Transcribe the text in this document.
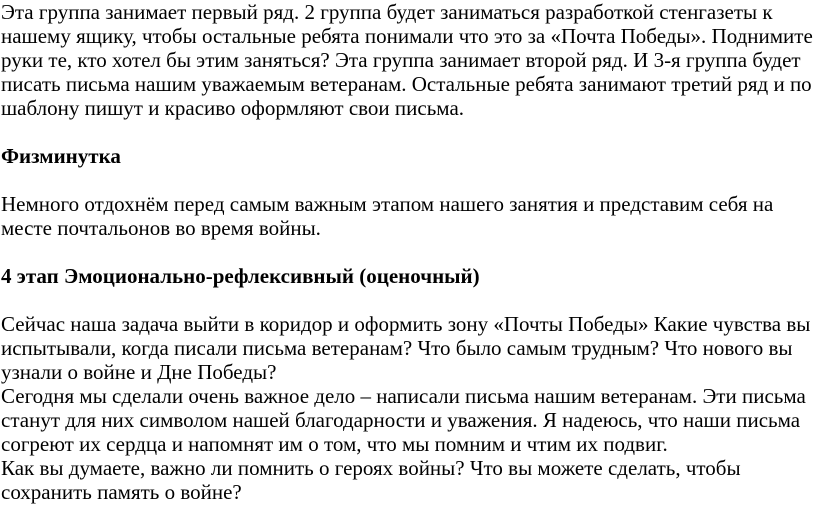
Эта группа занимает первый ряд. 2 группа будет заниматься разработкой стенгазеты к
нашему ящику, чтобы остальные ребята понимали что это за «Почта Победы». Поднимите
руки те, кто хотел бы этим заняться? Эта группа занимает второй ряд. И 3-я группа будет
писать письма нашим уважаемым ветеранам. Остальные ребята занимают третий ряд и по
шаблону пишут и красиво оформляют свои письма.
Физминутка
Немного отдохнём перед самым важным этапом нашего занятия и представим себя на
месте почтальонов во время войны.
4 этап Эмоционально-рефлексивный (оценочный)
Сейчас наша задача выйти в коридор и оформить зону «Почты Победы» Какие чувства вы
испытывали, когда писали письма ветеранам? Что было самым трудным? Что нового вы
узнали о войне и Дне Победы?
Сегодня мы сделали очень важное дело – написали письма нашим ветеранам. Эти письма
станут для них символом нашей благодарности и уважения. Я надеюсь, что наши письма
согреют их сердца и напомнят им о том, что мы помним и чтим их подвиг.
Как вы думаете, важно ли помнить о героях войны? Что вы можете сделать, чтобы
сохранить память о войне?
